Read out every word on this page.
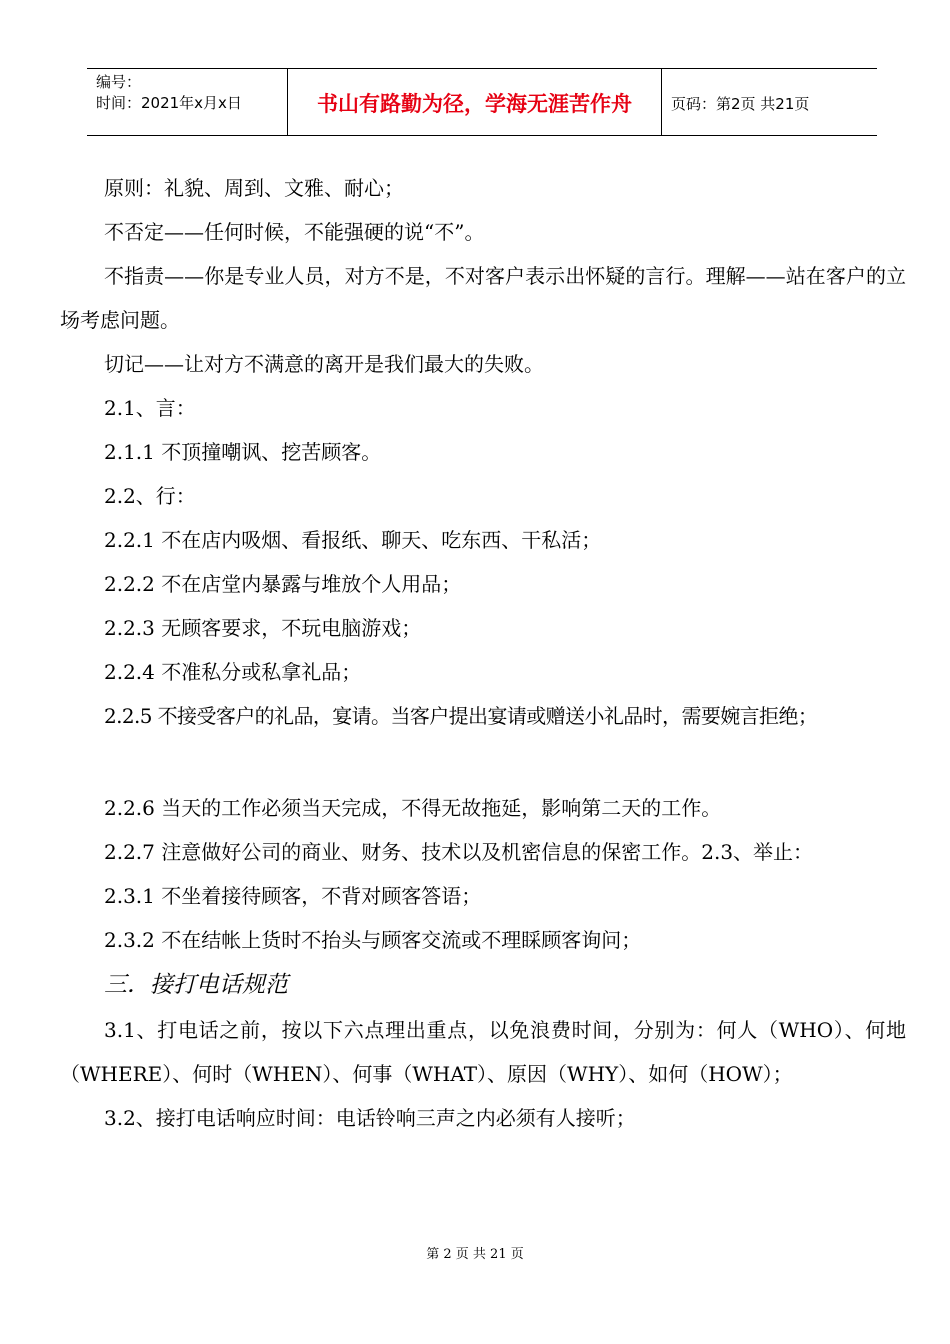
编号：
时间：2021年x月x日	书山有路勤为径，学海无涯苦作舟	页码：第2页 共21页

原则：礼貌、周到、文雅、耐心；

不否定——任何时候，不能强硬的说“不”。

不指责——你是专业人员，对方不是，不对客户表示出怀疑的言行。理解——站在客户的立场考虑问题。

切记——让对方不满意的离开是我们最大的失败。

2.1、言：

2.1.1 不顶撞嘲讽、挖苦顾客。

2.2、行：

2.2.1 不在店内吸烟、看报纸、聊天、吃东西、干私活；

2.2.2 不在店堂内暴露与堆放个人用品；

2.2.3 无顾客要求，不玩电脑游戏；

2.2.4 不准私分或私拿礼品；

2.2.5 不接受客户的礼品，宴请。当客户提出宴请或赠送小礼品时，需要婉言拒绝；

2.2.6 当天的工作必须当天完成，不得无故拖延，影响第二天的工作。

2.2.7 注意做好公司的商业、财务、技术以及机密信息的保密工作。2.3、举止：

2.3.1 不坐着接待顾客，不背对顾客答语；

2.3.2 不在结帐上货时不抬头与顾客交流或不理睬顾客询问；

三．接打电话规范

3.1、打电话之前，按以下六点理出重点，以免浪费时间，分别为：何人（WHO）、何地（WHERE）、何时（WHEN）、何事（WHAT）、原因（WHY）、如何（HOW）；

3.2、接打电话响应时间：电话铃响三声之内必须有人接听；

第 2 页 共 21 页
